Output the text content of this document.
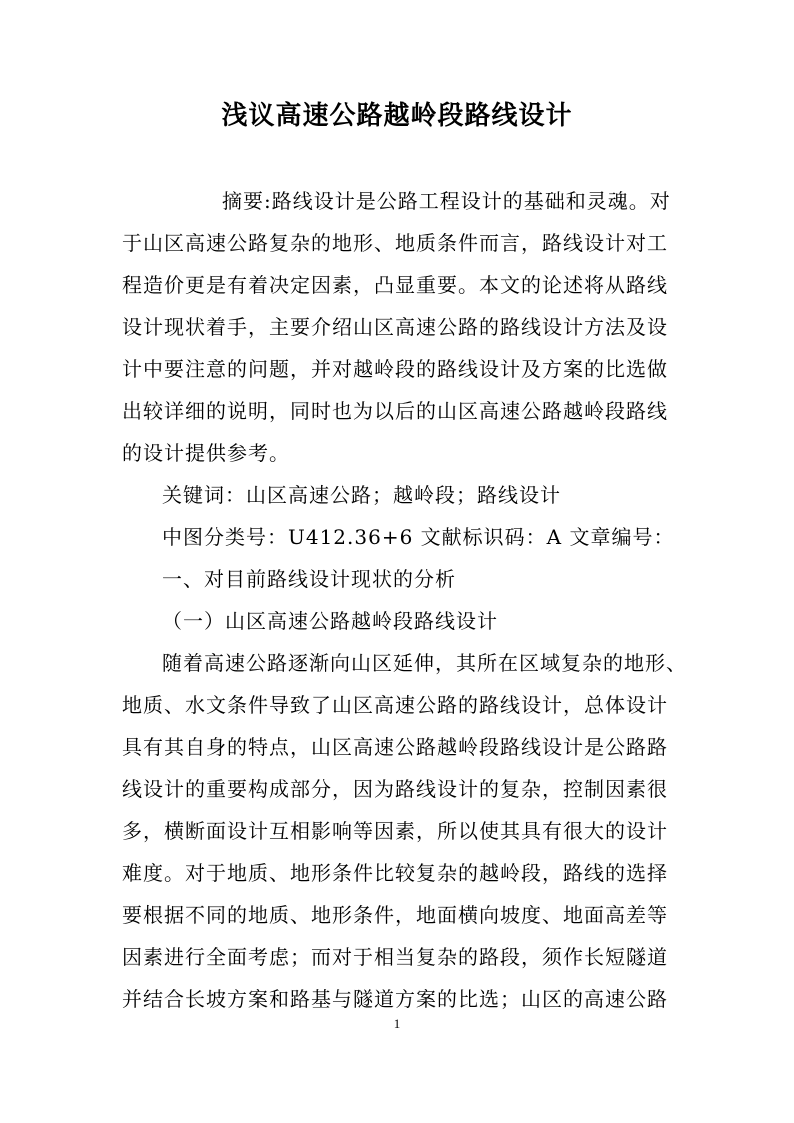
浅议高速公路越岭段路线设计
摘要:路线设计是公路工程设计的基础和灵魂。对
于山区高速公路复杂的地形、地质条件而言，路线设计对工
程造价更是有着决定因素，凸显重要。本文的论述将从路线
设计现状着手，主要介绍山区高速公路的路线设计方法及设
计中要注意的问题，并对越岭段的路线设计及方案的比选做
出较详细的说明，同时也为以后的山区高速公路越岭段路线
的设计提供参考。
关键词：山区高速公路；越岭段；路线设计
中图分类号：U412.36+6 文献标识码：A 文章编号：
一、对目前路线设计现状的分析
（一）山区高速公路越岭段路线设计
随着高速公路逐渐向山区延伸，其所在区域复杂的地形、
地质、水文条件导致了山区高速公路的路线设计，总体设计
具有其自身的特点，山区高速公路越岭段路线设计是公路路
线设计的重要构成部分，因为路线设计的复杂，控制因素很
多，横断面设计互相影响等因素，所以使其具有很大的设计
难度。对于地质、地形条件比较复杂的越岭段，路线的选择
要根据不同的地质、地形条件，地面横向坡度、地面高差等
因素进行全面考虑；而对于相当复杂的路段，须作长短隧道
并结合长坡方案和路基与隧道方案的比选；山区的高速公路
1
